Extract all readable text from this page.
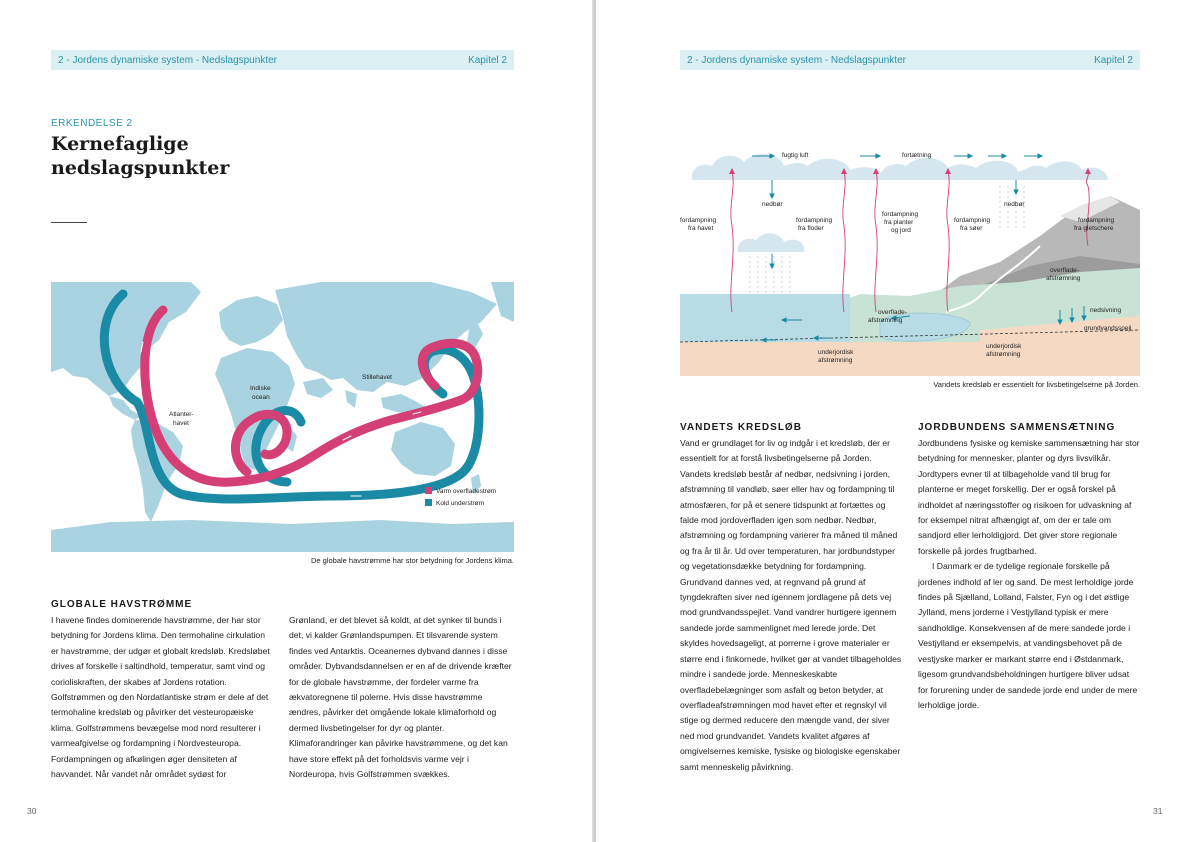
2 - Jordens dynamiske system - Nedslagspunkter	Kapitel 2
ERKENDELSE 2
Kernefaglige
nedslagspunkter
Atlanter-
havet
Indiske
ocean
Stillehavet
Varm overfladestrøm
Kold understrøm
De globale havstrømme har stor betydning for Jordens klima.
GLOBALE HAVSTRØMME

I havene findes dominerende havstrømme, der har stor betydning for Jordens klima. Den termohaline cirkulation er havstrømme, der udgør et globalt kredsløb. Kredsløbet drives af forskelle i saltindhold, temperatur, samt vind og corioliskraften, der skabes af Jordens rotation. Golfstrømmen og den Nordatlantiske strøm er dele af det termohaline kredsløb og påvirker det vesteuropæiske klima. Golfstrømmens bevægelse mod nord resulterer i varmeafgivelse og fordampning i Nordvesteuropa. Fordampningen og afkølingen øger densiteten af havvandet. Når vandet når området sydøst for

Grønland, er det blevet så koldt, at det synker til bunds i det, vi kalder Grønlandspumpen. Et tilsvarende system findes ved Antarktis. Oceanernes dybvand dannes i disse områder. Dybvandsdannelsen er en af de drivende kræfter for de globale havstrømme, der fordeler varme fra ækvatoregnene til polerne. Hvis disse havstrømme ændres, påvirker det omgående lokale klimaforhold og dermed livsbetingelser for dyr og planter. Klimaforandringer kan påvirke havstrømmene, og det kan have store effekt på det forholdsvis varme vejr i Nordeuropa, hvis Golfstrømmen svækkes.

30
2 - Jordens dynamiske system - Nedslagspunkter	Kapitel 2
fugtig luft	fortætning
nedbør	nedbør
fordampning
fra havet
fordampning
fra floder
fordampning
fra planter
og jord
fordampning
fra søer
fordampning
fra gletschere
overflade-
afstrømning
overflade-
afstrømning
nedsivning
grundvandsspejl
underjordisk
afstrømning
underjordisk
afstrømning
Vandets kredsløb er essentielt for livsbetingelserne på Jorden.
VANDETS KREDSLØB

Vand er grundlaget for liv og indgår i et kredsløb, der er essentielt for at forstå livsbetingelserne på Jorden. Vandets kredsløb består af nedbør, nedsivning i jorden, afstrømning til vandløb, søer eller hav og fordampning til atmosfæren, for på et senere tidspunkt at fortættes og falde mod jordoverfladen igen som nedbør. Nedbør, afstrømning og fordampning varierer fra måned til måned og fra år til år. Ud over temperaturen, har jordbundstyper og vegetationsdække betydning for fordampning. Grundvand dannes ved, at regnvand på grund af tyngdekraften siver ned igennem jordlagene på dets vej mod grundvandsspejlet. Vand vandrer hurtigere igennem sandede jorde sammenlignet med lerede jorde. Det skyldes hovedsageligt, at porrerne i grove materialer er større end i finkornede, hvilket gør at vandet tilbageholdes mindre i sandede jorde. Menneskeskabte overfladebelægninger som asfalt og beton betyder, at overfladeafstrømningen mod havet efter et regnskyl vil stige og dermed reducere den mængde vand, der siver ned mod grundvandet. Vandets kvalitet afgøres af omgivelsernes kemiske, fysiske og biologiske egenskaber samt menneskelig påvirkning.

JORDBUNDENS SAMMENSÆTNING

Jordbundens fysiske og kemiske sammensætning har stor betydning for mennesker, planter og dyrs livsvilkår. Jordtypers evner til at tilbageholde vand til brug for planterne er meget forskellig. Der er også forskel på indholdet af næringsstoffer og risikoen for udvaskning af for eksempel nitrat afhængigt af, om der er tale om sandjord eller lerholdigjord. Det giver store regionale forskelle på jordes frugtbarhed.

I Danmark er de tydelige regionale forskelle på jordenes indhold af ler og sand. De mest lerholdige jorde findes på Sjælland, Lolland, Falster, Fyn og i det østlige Jylland, mens jorderne i Vestjylland typisk er mere sandholdige. Konsekvensen af de mere sandede jorde i Vestjylland er eksempelvis, at vandingsbehovet på de vestjyske marker er markant større end i Østdanmark, ligesom grundvandsbeholdningen hurtigere bliver udsat for forurening under de sandede jorde end under de mere lerholdige jorde.

31
